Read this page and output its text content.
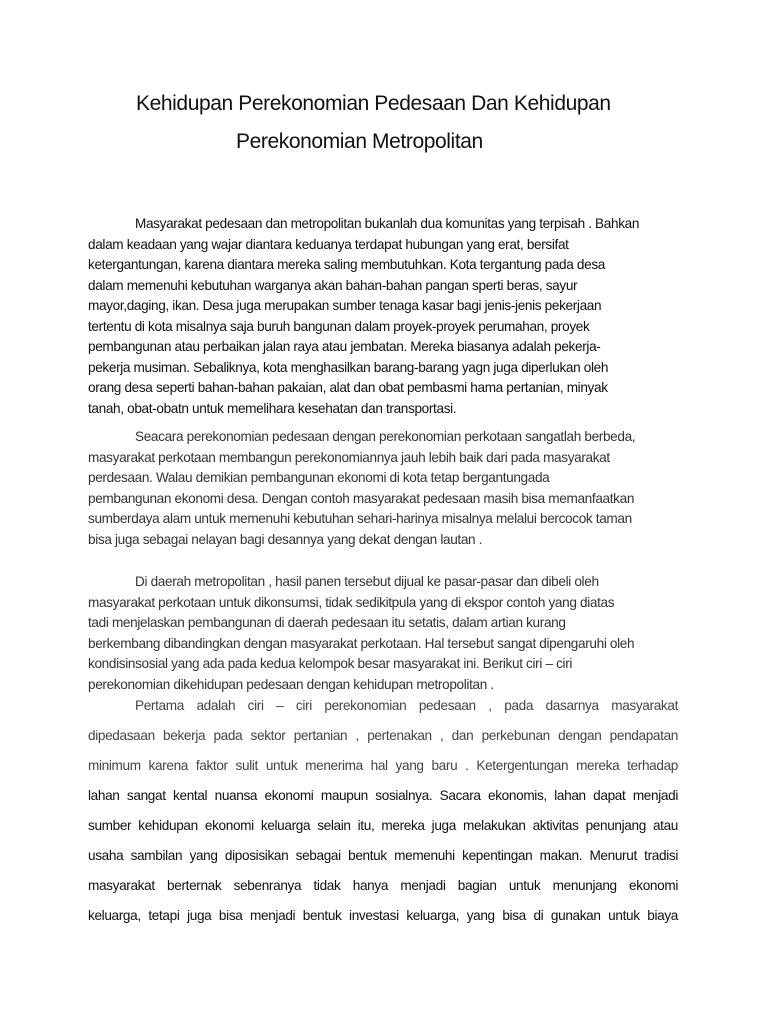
Kehidupan Perekonomian Pedesaan Dan Kehidupan
Perekonomian Metropolitan
Masyarakat pedesaan dan metropolitan bukanlah dua komunitas yang terpisah . Bahkan
dalam keadaan yang wajar diantara keduanya terdapat hubungan yang erat, bersifat
ketergantungan, karena diantara mereka saling membutuhkan. Kota tergantung pada desa
dalam memenuhi kebutuhan warganya akan bahan-bahan pangan sperti beras, sayur
mayor,daging, ikan. Desa juga merupakan sumber tenaga kasar bagi jenis-jenis pekerjaan
tertentu di kota misalnya saja buruh bangunan dalam proyek-proyek perumahan, proyek
pembangunan atau perbaikan jalan raya atau jembatan. Mereka biasanya adalah pekerja-
pekerja musiman. Sebaliknya, kota menghasilkan barang-barang yagn juga diperlukan oleh
orang desa seperti bahan-bahan pakaian, alat dan obat pembasmi hama pertanian, minyak
tanah, obat-obatn untuk memelihara kesehatan dan transportasi.
Seacara perekonomian pedesaan dengan perekonomian perkotaan sangatlah berbeda,
masyarakat perkotaan membangun perekonomiannya jauh lebih baik dari pada masyarakat
perdesaan. Walau demikian pembangunan ekonomi di kota tetap bergantungada
pembangunan ekonomi desa. Dengan contoh masyarakat pedesaan masih bisa memanfaatkan
sumberdaya alam untuk memenuhi kebutuhan sehari-harinya misalnya melalui bercocok taman
bisa juga sebagai nelayan bagi desannya yang dekat dengan lautan .
Di daerah metropolitan , hasil panen tersebut dijual ke pasar-pasar dan dibeli oleh
masyarakat perkotaan untuk dikonsumsi, tidak sedikitpula yang di ekspor contoh yang diatas
tadi menjelaskan pembangunan di daerah pedesaan itu setatis, dalam artian kurang
berkembang dibandingkan dengan masyarakat perkotaan. Hal tersebut sangat dipengaruhi oleh
kondisinsosial yang ada pada kedua kelompok besar masyarakat ini. Berikut ciri – ciri
perekonomian dikehidupan pedesaan dengan kehidupan metropolitan .
Pertama adalah ciri – ciri perekonomian pedesaan , pada dasarnya masyarakat
dipedasaan bekerja pada sektor pertanian , pertenakan , dan perkebunan dengan pendapatan
minimum karena faktor sulit untuk menerima hal yang baru . Ketergentungan mereka terhadap
lahan sangat kental nuansa ekonomi maupun sosialnya. Sacara ekonomis, lahan dapat menjadi
sumber kehidupan ekonomi keluarga selain itu, mereka juga melakukan aktivitas penunjang atau
usaha sambilan yang diposisikan sebagai bentuk memenuhi kepentingan makan. Menurut tradisi
masyarakat berternak sebenranya tidak hanya menjadi bagian untuk menunjang ekonomi
keluarga, tetapi juga bisa menjadi bentuk investasi keluarga, yang bisa di gunakan untuk biaya
